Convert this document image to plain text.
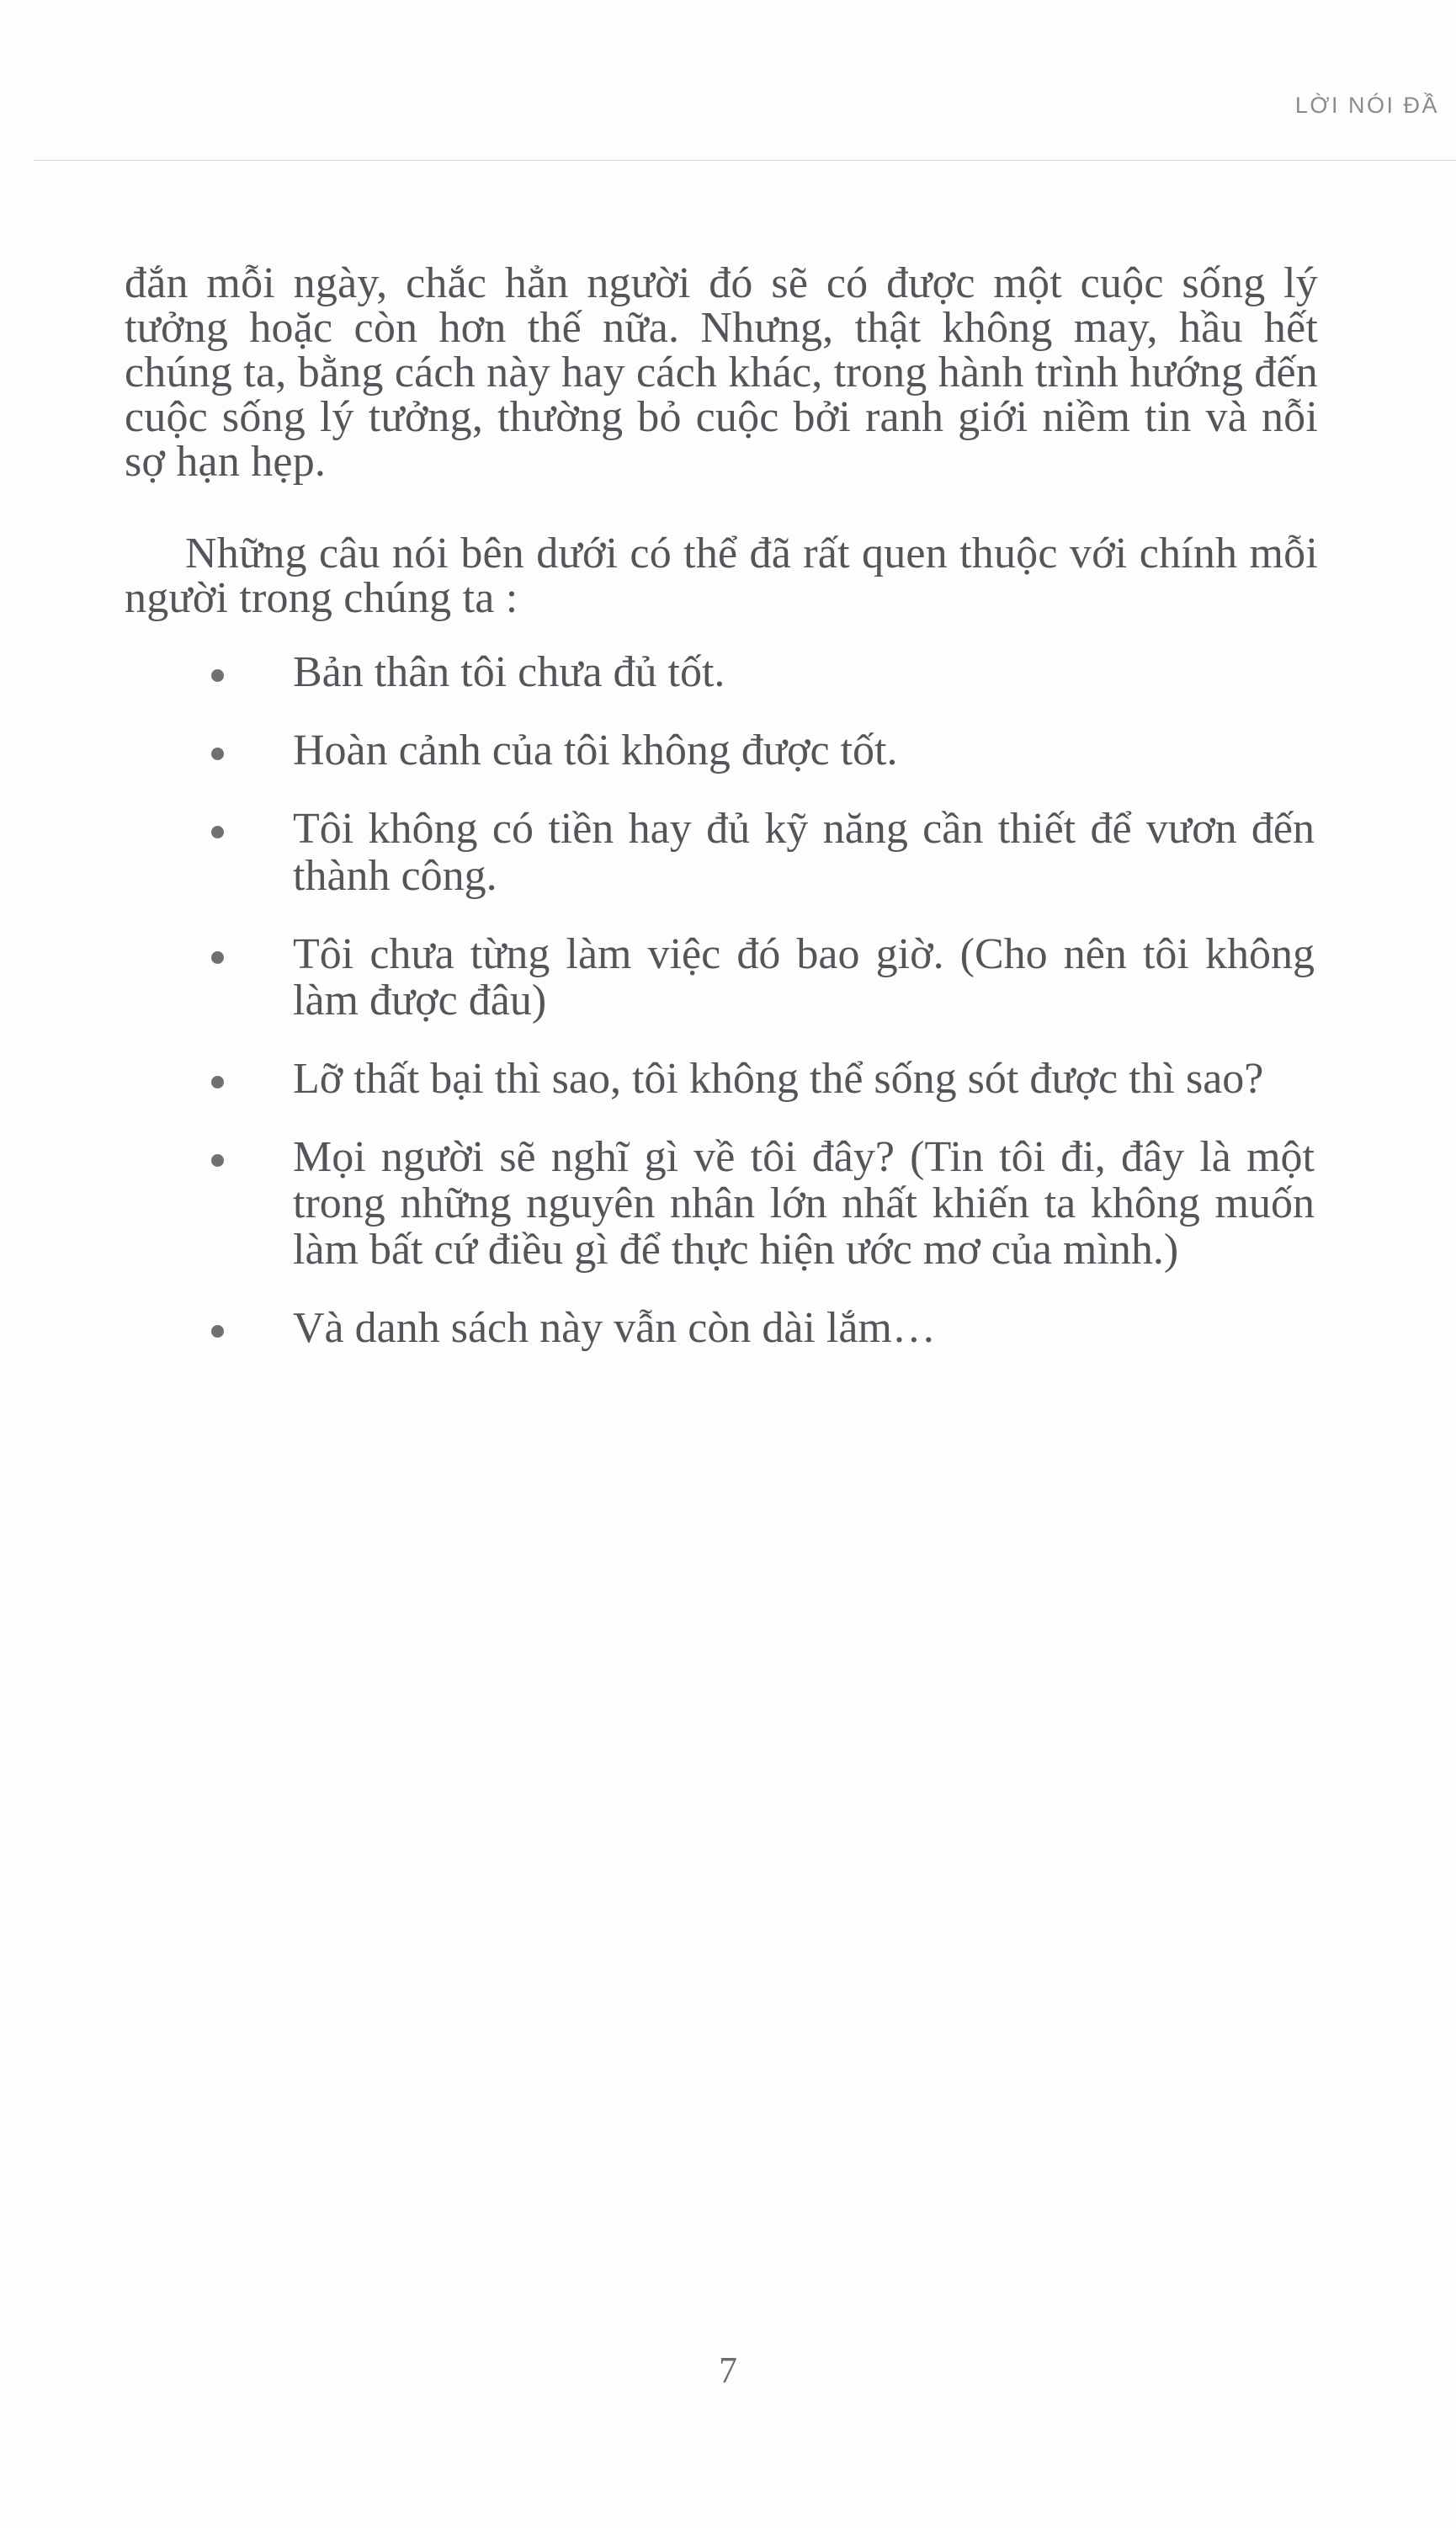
LỜI NÓI ĐẦ

đắn mỗi ngày, chắc hẳn người đó sẽ có được một cuộc sống lý tưởng hoặc còn hơn thế nữa. Nhưng, thật không may, hầu hết chúng ta, bằng cách này hay cách khác, trong hành trình hướng đến cuộc sống lý tưởng, thường bỏ cuộc bởi ranh giới niềm tin và nỗi sợ hạn hẹp.

Những câu nói bên dưới có thể đã rất quen thuộc với chính mỗi người trong chúng ta :

Bản thân tôi chưa đủ tốt.
Hoàn cảnh của tôi không được tốt.
Tôi không có tiền hay đủ kỹ năng cần thiết để vươn đến thành công.
Tôi chưa từng làm việc đó bao giờ. (Cho nên tôi không làm được đâu)
Lỡ thất bại thì sao, tôi không thể sống sót được thì sao?
Mọi người sẽ nghĩ gì về tôi đây? (Tin tôi đi, đây là một trong những nguyên nhân lớn nhất khiến ta không muốn làm bất cứ điều gì để thực hiện ước mơ của mình.)
Và danh sách này vẫn còn dài lắm…
7
